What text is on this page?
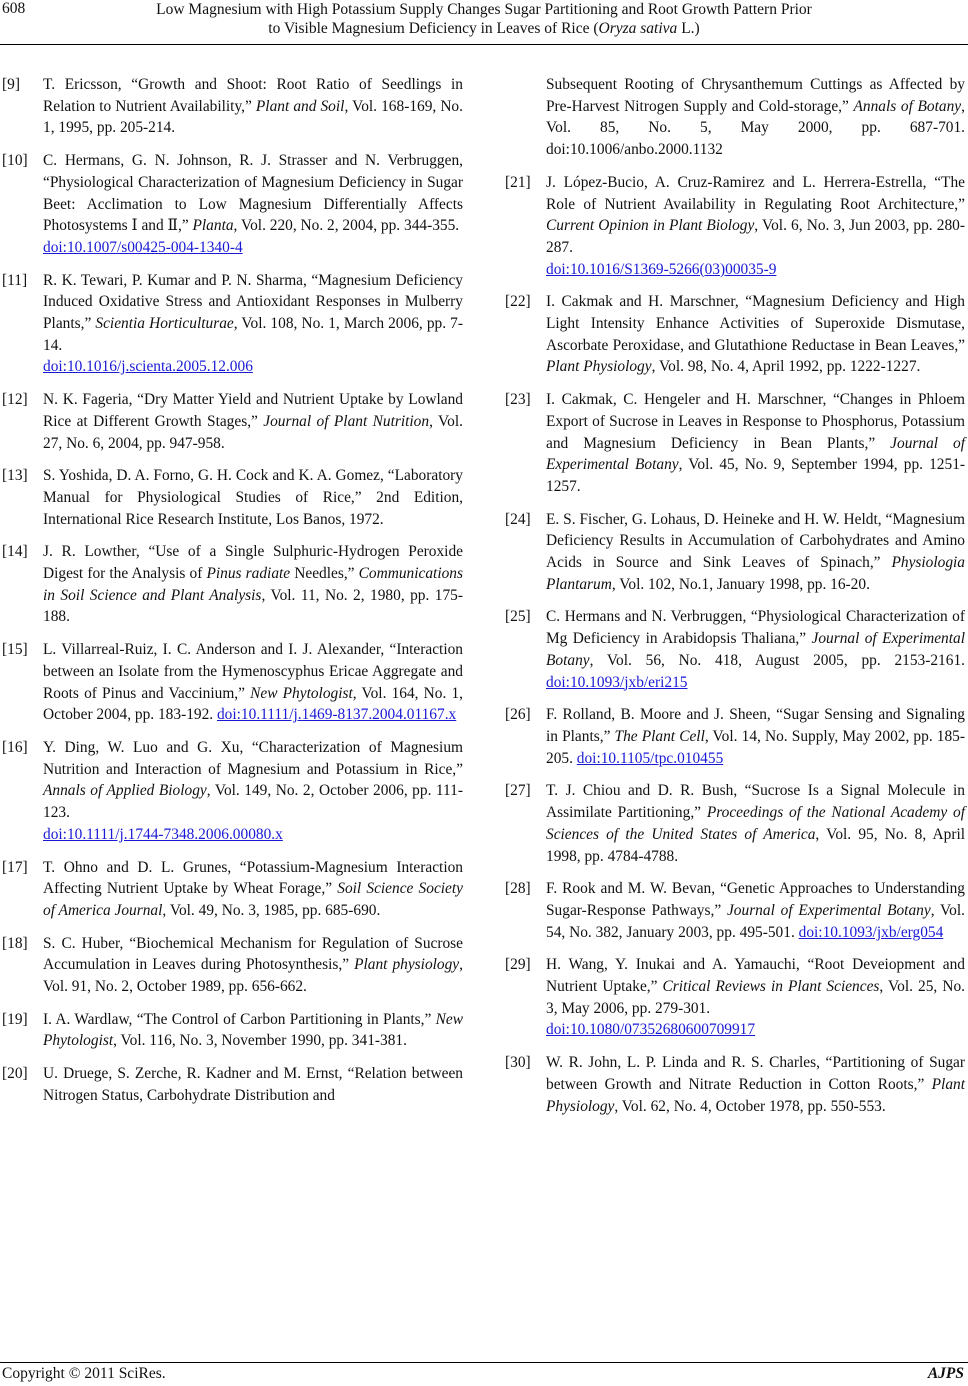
608	Low Magnesium with High Potassium Supply Changes Sugar Partitioning and Root Growth Pattern Prior
to Visible Magnesium Deficiency in Leaves of Rice (Oryza sativa L.)
[9] T. Ericsson, “Growth and Shoot: Root Ratio of Seedlings in Relation to Nutrient Availability,” Plant and Soil, Vol. 168-169, No. 1, 1995, pp. 205-214.
[10] C. Hermans, G. N. Johnson, R. J. Strasser and N. Verbruggen, “Physiological Characterization of Magnesium Deficiency in Sugar Beet: Acclimation to Low Magnesium Differentially Affects Photosystems Ⅰ and Ⅱ,” Planta, Vol. 220, No. 2, 2004, pp. 344-355.
doi:10.1007/s00425-004-1340-4
[11] R. K. Tewari, P. Kumar and P. N. Sharma, “Magnesium Deficiency Induced Oxidative Stress and Antioxidant Responses in Mulberry Plants,” Scientia Horticulturae, Vol. 108, No. 1, March 2006, pp. 7-14.
doi:10.1016/j.scienta.2005.12.006
[12] N. K. Fageria, “Dry Matter Yield and Nutrient Uptake by Lowland Rice at Different Growth Stages,” Journal of Plant Nutrition, Vol. 27, No. 6, 2004, pp. 947-958.
[13] S. Yoshida, D. A. Forno, G. H. Cock and K. A. Gomez, “Laboratory Manual for Physiological Studies of Rice,” 2nd Edition, International Rice Research Institute, Los Banos, 1972.
[14] J. R. Lowther, “Use of a Single Sulphuric-Hydrogen Peroxide Digest for the Analysis of Pinus radiate Needles,” Communications in Soil Science and Plant Analysis, Vol. 11, No. 2, 1980, pp. 175-188.
[15] L. Villarreal-Ruiz, I. C. Anderson and I. J. Alexander, “Interaction between an Isolate from the Hymenoscyphus Ericae Aggregate and Roots of Pinus and Vaccinium,” New Phytologist, Vol. 164, No. 1, October 2004, pp. 183-192. doi:10.1111/j.1469-8137.2004.01167.x
[16] Y. Ding, W. Luo and G. Xu, “Characterization of Magnesium Nutrition and Interaction of Magnesium and Potassium in Rice,” Annals of Applied Biology, Vol. 149, No. 2, October 2006, pp. 111-123.
doi:10.1111/j.1744-7348.2006.00080.x
[17] T. Ohno and D. L. Grunes, “Potassium-Magnesium Interaction Affecting Nutrient Uptake by Wheat Forage,” Soil Science Society of America Journal, Vol. 49, No. 3, 1985, pp. 685-690.
[18] S. C. Huber, “Biochemical Mechanism for Regulation of Sucrose Accumulation in Leaves during Photosynthesis,” Plant physiology, Vol. 91, No. 2, October 1989, pp. 656-662.
[19] I. A. Wardlaw, “The Control of Carbon Partitioning in Plants,” New Phytologist, Vol. 116, No. 3, November 1990, pp. 341-381.
[20] U. Druege, S. Zerche, R. Kadner and M. Ernst, “Relation between Nitrogen Status, Carbohydrate Distribution and
Subsequent Rooting of Chrysanthemum Cuttings as Affected by Pre-Harvest Nitrogen Supply and Cold-storage,” Annals of Botany, Vol. 85, No. 5, May 2000, pp. 687-701. doi:10.1006/anbo.2000.1132
[21] J. López-Bucio, A. Cruz-Ramirez and L. Herrera-Estrella, “The Role of Nutrient Availability in Regulating Root Architecture,” Current Opinion in Plant Biology, Vol. 6, No. 3, Jun 2003, pp. 280-287.
doi:10.1016/S1369-5266(03)00035-9
[22] I. Cakmak and H. Marschner, “Magnesium Deficiency and High Light Intensity Enhance Activities of Superoxide Dismutase, Ascorbate Peroxidase, and Glutathione Reductase in Bean Leaves,” Plant Physiology, Vol. 98, No. 4, April 1992, pp. 1222-1227.
[23] I. Cakmak, C. Hengeler and H. Marschner, “Changes in Phloem Export of Sucrose in Leaves in Response to Phosphorus, Potassium and Magnesium Deficiency in Bean Plants,” Journal of Experimental Botany, Vol. 45, No. 9, September 1994, pp. 1251-1257.
[24] E. S. Fischer, G. Lohaus, D. Heineke and H. W. Heldt, “Magnesium Deficiency Results in Accumulation of Carbohydrates and Amino Acids in Source and Sink Leaves of Spinach,” Physiologia Plantarum, Vol. 102, No.1, January 1998, pp. 16-20.
[25] C. Hermans and N. Verbruggen, “Physiological Characterization of Mg Deficiency in Arabidopsis Thaliana,” Journal of Experimental Botany, Vol. 56, No. 418, August 2005, pp. 2153-2161. doi:10.1093/jxb/eri215
[26] F. Rolland, B. Moore and J. Sheen, “Sugar Sensing and Signaling in Plants,” The Plant Cell, Vol. 14, No. Supply, May 2002, pp. 185-205. doi:10.1105/tpc.010455
[27] T. J. Chiou and D. R. Bush, “Sucrose Is a Signal Molecule in Assimilate Partitioning,” Proceedings of the National Academy of Sciences of the United States of America, Vol. 95, No. 8, April 1998, pp. 4784-4788.
[28] F. Rook and M. W. Bevan, “Genetic Approaches to Understanding Sugar-Response Pathways,” Journal of Experimental Botany, Vol. 54, No. 382, January 2003, pp. 495-501. doi:10.1093/jxb/erg054
[29] H. Wang, Y. Inukai and A. Yamauchi, “Root Deveiopment and Nutrient Uptake,” Critical Reviews in Plant Sciences, Vol. 25, No. 3, May 2006, pp. 279-301.
doi:10.1080/07352680600709917
[30] W. R. John, L. P. Linda and R. S. Charles, “Partitioning of Sugar between Growth and Nitrate Reduction in Cotton Roots,” Plant Physiology, Vol. 62, No. 4, October 1978, pp. 550-553.
Copyright © 2011 SciRes.	AJPS
